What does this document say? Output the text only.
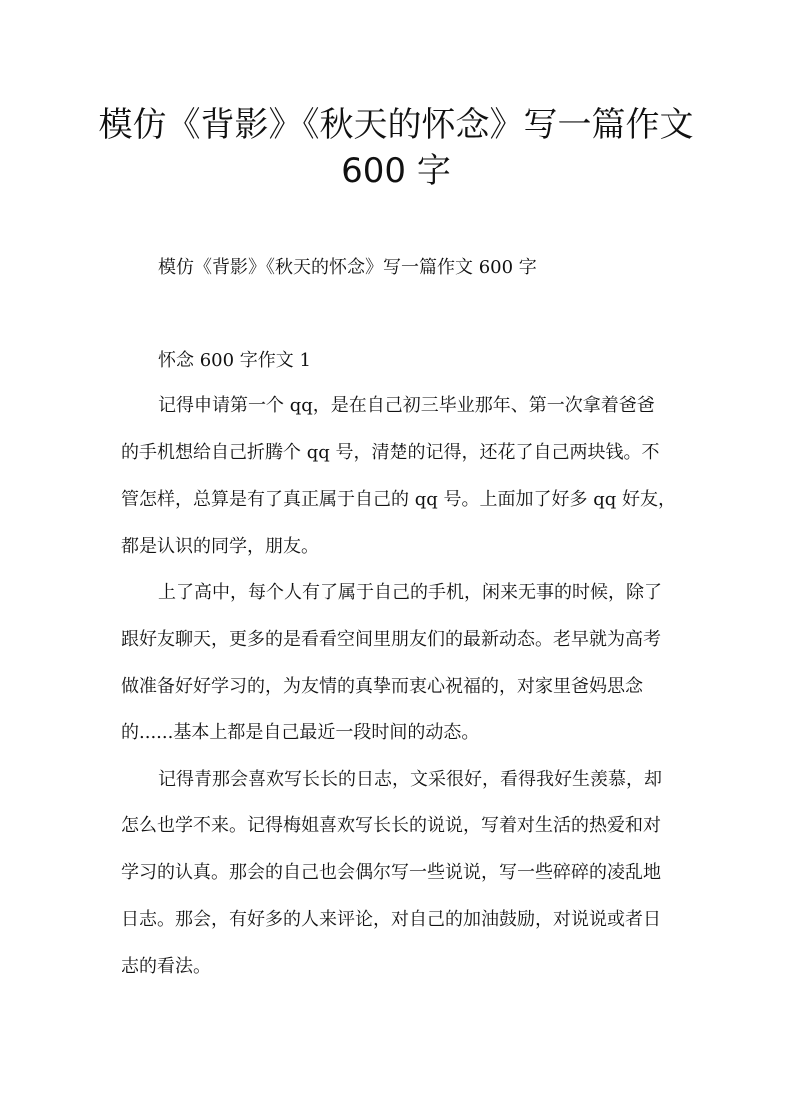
模仿《背影》《秋天的怀念》写一篇作文
600 字

模仿《背影》《秋天的怀念》写一篇作文 600 字

怀念 600 字作文 1

记得申请第一个 qq，是在自己初三毕业那年、第一次拿着爸爸

的手机想给自己折腾个 qq 号，清楚的记得，还花了自己两块钱。不

管怎样，总算是有了真正属于自己的 qq 号。上面加了好多 qq 好友，

都是认识的同学，朋友。

上了高中，每个人有了属于自己的手机，闲来无事的时候，除了

跟好友聊天，更多的是看看空间里朋友们的最新动态。老早就为高考

做准备好好学习的，为友情的真挚而衷心祝福的，对家里爸妈思念

的......基本上都是自己最近一段时间的动态。

记得青那会喜欢写长长的日志，文采很好，看得我好生羡慕，却

怎么也学不来。记得梅姐喜欢写长长的说说，写着对生活的热爱和对

学习的认真。那会的自己也会偶尔写一些说说，写一些碎碎的凌乱地

日志。那会，有好多的人来评论，对自己的加油鼓励，对说说或者日

志的看法。
